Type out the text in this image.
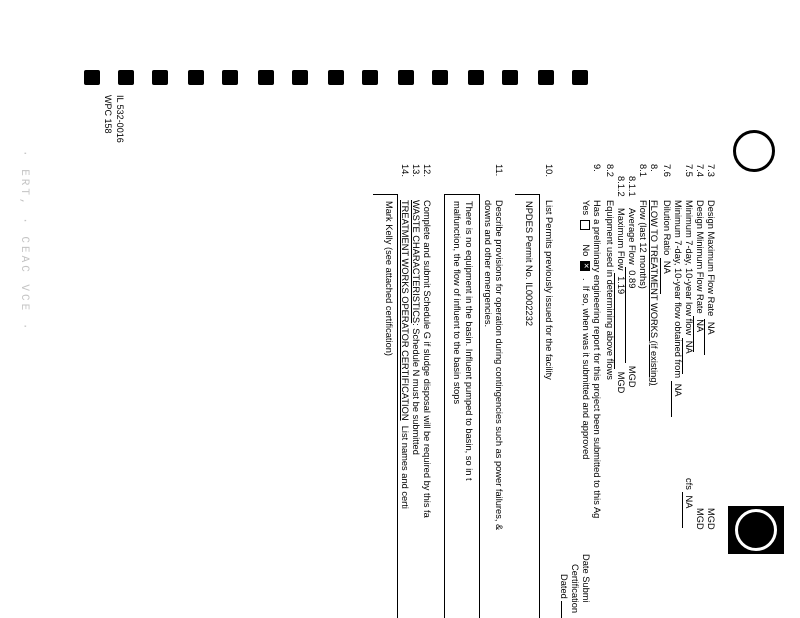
· ERT, · CEAC VCE ·
IL 532-0016
WPC 158
7.3
Design Maximum Flow Rate NA
MGD
7.4
Design Minimum Flow Rate NA
MGD
7.5
Minimum 7-day, 10-year low flow NA
cfs NA
Minimum 7-day, 10-year flow obtained from NA
7.6
Dilution Ratio NA
8.
FLOW TO TREATMENT WORKS (if existing)
8.1
Flow (last 12 months)
8.1.1
Average Flow 0.89 MGD
8.1.2
Maximum Flow 1.19 MGD
8.2
Equipment used in determining above flows
9.
Has a preliminary engineering report for this project been submitted to this Ag
Yes  No ✕  .  If so, when was it submitted and approved
Date Submi
Certification
Dated
10.
List Permits previously issued for the facility
NPDES Permit No. IL0002232
11.
Describe provisions for operation during contingencies such as power failures, &
downs and other emergencies.
There is no equipment in the basin. Influent pumped to basin, so in t
malfunction, the flow of influent to the basin stops
12.
Complete and submit Schedule G if sludge disposal will be required by this fa
13.
WASTE CHARACTERISTICS: Schedule N must be submitted
14.
TREATMENT WORKS OPERATOR CERTIFICATION  List names and certi
Mark Kelly (see attached certification)
